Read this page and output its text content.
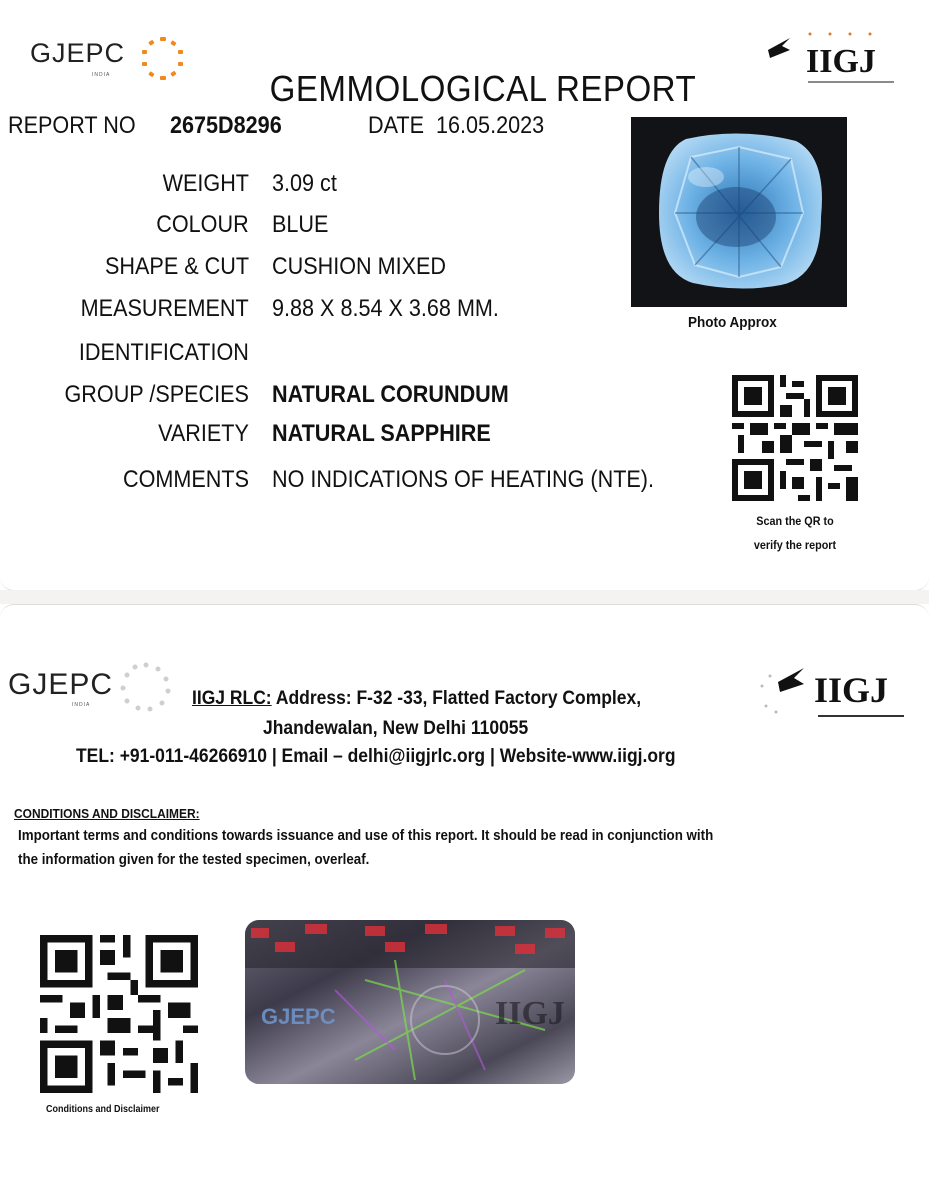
GJEPC
INDIA	IIGJ
GEMMOLOGICAL REPORT
REPORT NO 2675D8296	DATE 16.05.2023
WEIGHT 3.09 ct
COLOUR BLUE
SHAPE & CUT CUSHION MIXED
MEASUREMENT 9.88 X 8.54 X 3.68 MM.
IDENTIFICATION
GROUP /SPECIES NATURAL CORUNDUM
VARIETY NATURAL SAPPHIRE
COMMENTS NO INDICATIONS OF HEATING (NTE).
Photo Approx
Scan the QR to
verify the report
GJEPC
INDIA	IIGJ
IIGJ RLC: Address: F-32 -33, Flatted Factory Complex,
Jhandewalan, New Delhi 110055
TEL: +91-011-46266910 | Email – delhi@iigjrlc.org | Website-www.iigj.org
CONDITIONS AND DISCLAIMER:
Important terms and conditions towards issuance and use of this report. It should be read in conjunction with
the information given for the tested specimen, overleaf.
Conditions and Disclaimer
GJEPC	IIGJ
